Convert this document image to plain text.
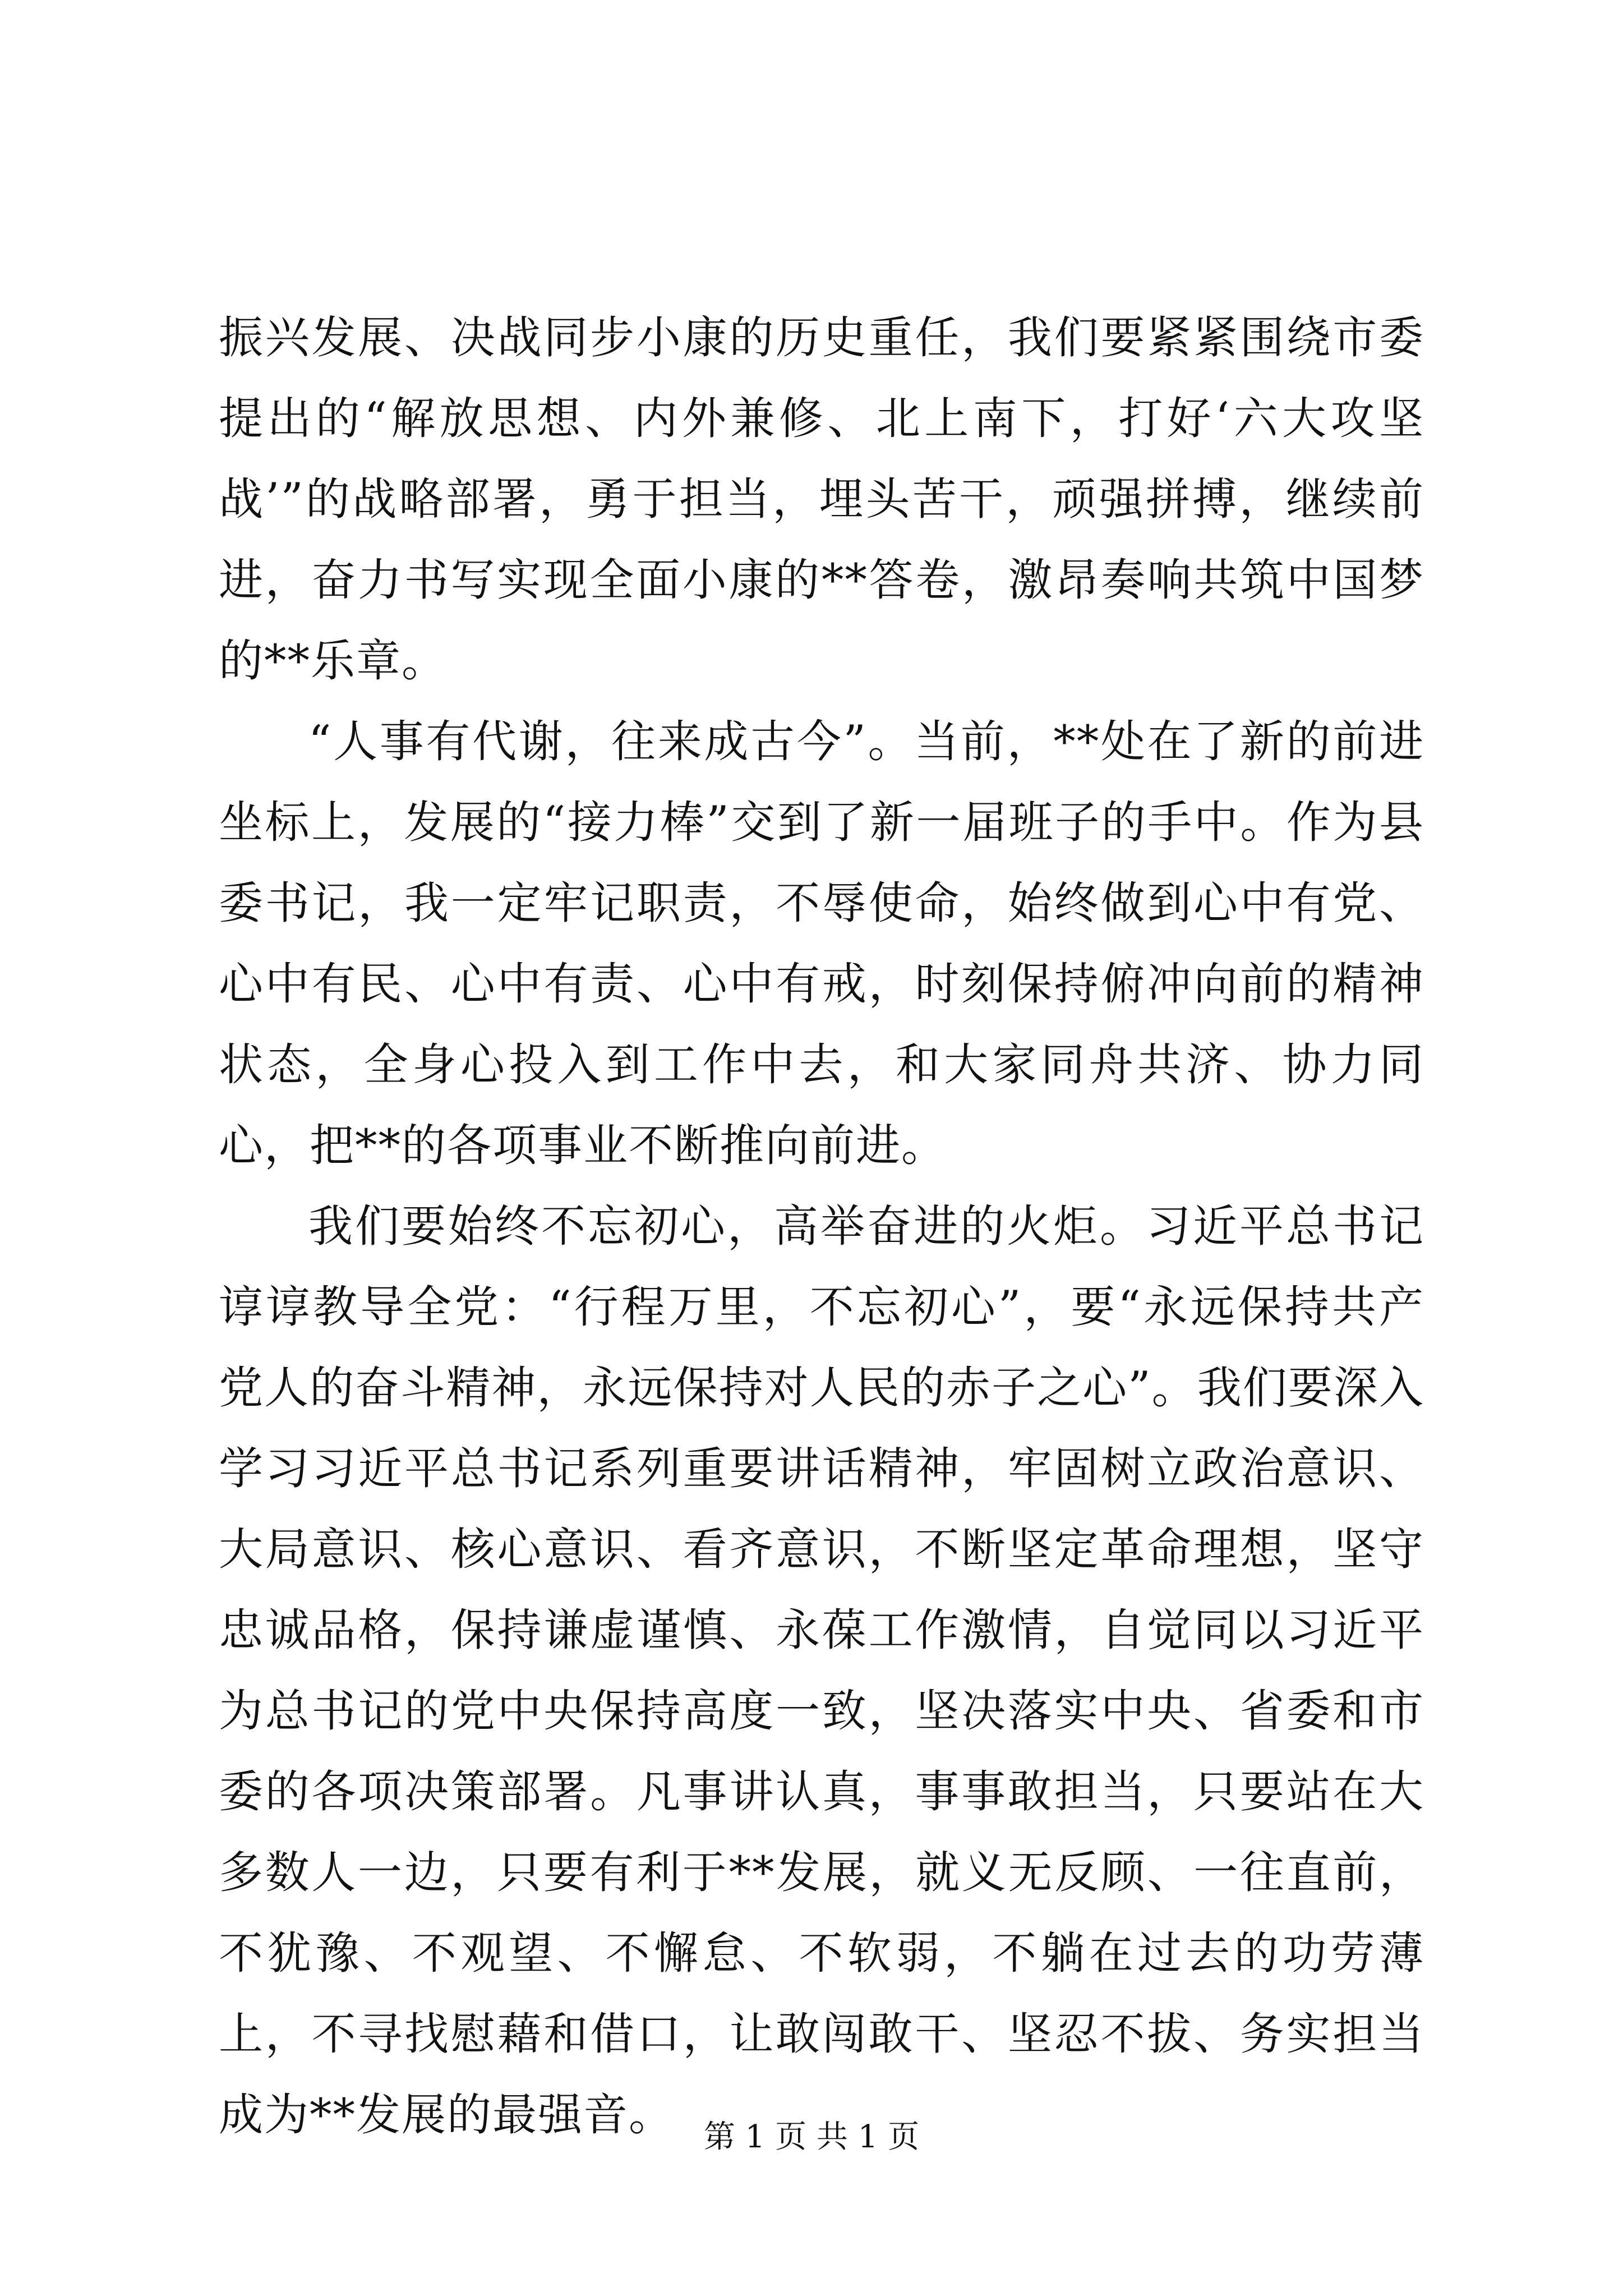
振兴发展、决战同步小康的历史重任，我们要紧紧围绕市委提出的“解放思想、内外兼修、北上南下，打好‘六大攻坚战’”的战略部署，勇于担当，埋头苦干，顽强拼搏，继续前进，奋力书写实现全面小康的**答卷，激昂奏响共筑中国梦的**乐章。

“人事有代谢，往来成古今”。当前，**处在了新的前进坐标上，发展的“接力棒”交到了新一届班子的手中。作为县委书记，我一定牢记职责，不辱使命，始终做到心中有党、心中有民、心中有责、心中有戒，时刻保持俯冲向前的精神状态，全身心投入到工作中去，和大家同舟共济、协力同心，把**的各项事业不断推向前进。

我们要始终不忘初心，高举奋进的火炬。习近平总书记谆谆教导全党：“行程万里，不忘初心”，要“永远保持共产党人的奋斗精神，永远保持对人民的赤子之心”。我们要深入学习习近平总书记系列重要讲话精神，牢固树立政治意识、大局意识、核心意识、看齐意识，不断坚定革命理想，坚守忠诚品格，保持谦虚谨慎、永葆工作激情，自觉同以习近平为总书记的党中央保持高度一致，坚决落实中央、省委和市委的各项决策部署。凡事讲认真，事事敢担当，只要站在大多数人一边，只要有利于**发展，就义无反顾、一往直前，不犹豫、不观望、不懈怠、不软弱，不躺在过去的功劳薄上，不寻找慰藉和借口，让敢闯敢干、坚忍不拔、务实担当成为**发展的最强音。 第 1 页 共 1 页
